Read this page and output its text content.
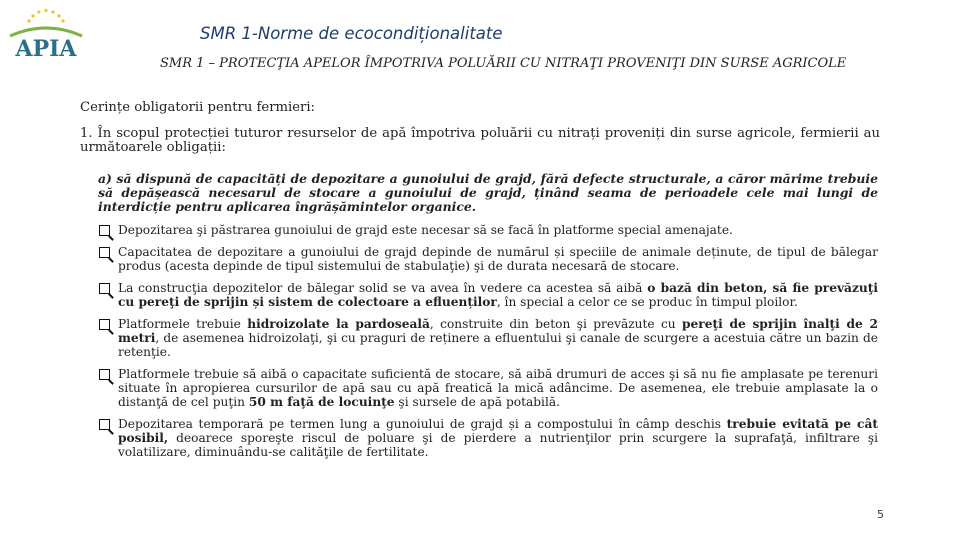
APIA
SMR 1-Norme de ecocondiționalitate
SMR 1 – PROTECŢIA APELOR ÎMPOTRIVA POLUĂRII CU NITRAŢI PROVENIŢI DIN SURSE AGRICOLE
Cerințe obligatorii pentru fermieri:
1. În scopul protecției tuturor resurselor de apă împotriva poluării cu nitrați proveniți din surse agricole, fermierii au următoarele obligații:
a) să dispună de capacități de depozitare a gunoiului de grajd, fără defecte structurale, a căror mărime trebuie să depășească necesarul de stocare a gunoiului de grajd, ținând seama de perioadele cele mai lungi de interdicție pentru aplicarea îngrășămintelor organice.
Depozitarea şi păstrarea gunoiului de grajd este necesar să se facă în platforme special amenajate.
Capacitatea de depozitare a gunoiului de grajd depinde de numărul și speciile de animale deținute, de tipul de bălegar produs (acesta depinde de tipul sistemului de stabulaţie) şi de durata necesară de stocare.
La construcţia depozitelor de bălegar solid se va avea în vedere ca acestea să aibă o bază din beton, să fie prevăzuţi cu pereţi de sprijin și sistem de colectoare a efluenților, în special a celor ce se produc în timpul ploilor.
Platformele trebuie hidroizolate la pardoseală, construite din beton şi prevăzute cu pereţi de sprijin înalţi de 2 metri, de asemenea hidroizolaţi, şi cu praguri de reținere a efluentului şi canale de scurgere a acestuia către un bazin de retenţie.
Platformele trebuie să aibă o capacitate suficientă de stocare, să aibă drumuri de acces şi să nu fie amplasate pe terenuri situate în apropierea cursurilor de apă sau cu apă freatică la mică adâncime. De asemenea, ele trebuie amplasate la o distanţă de cel puţin 50 m faţă de locuinţe şi sursele de apă potabilă.
Depozitarea temporară pe termen lung a gunoiului de grajd și a compostului în câmp deschis trebuie evitată pe cât posibil, deoarece sporeşte riscul de poluare şi de pierdere a nutrienţilor prin scurgere la suprafaţă, infiltrare şi volatilizare, diminuându-se calităţile de fertilitate.
5
